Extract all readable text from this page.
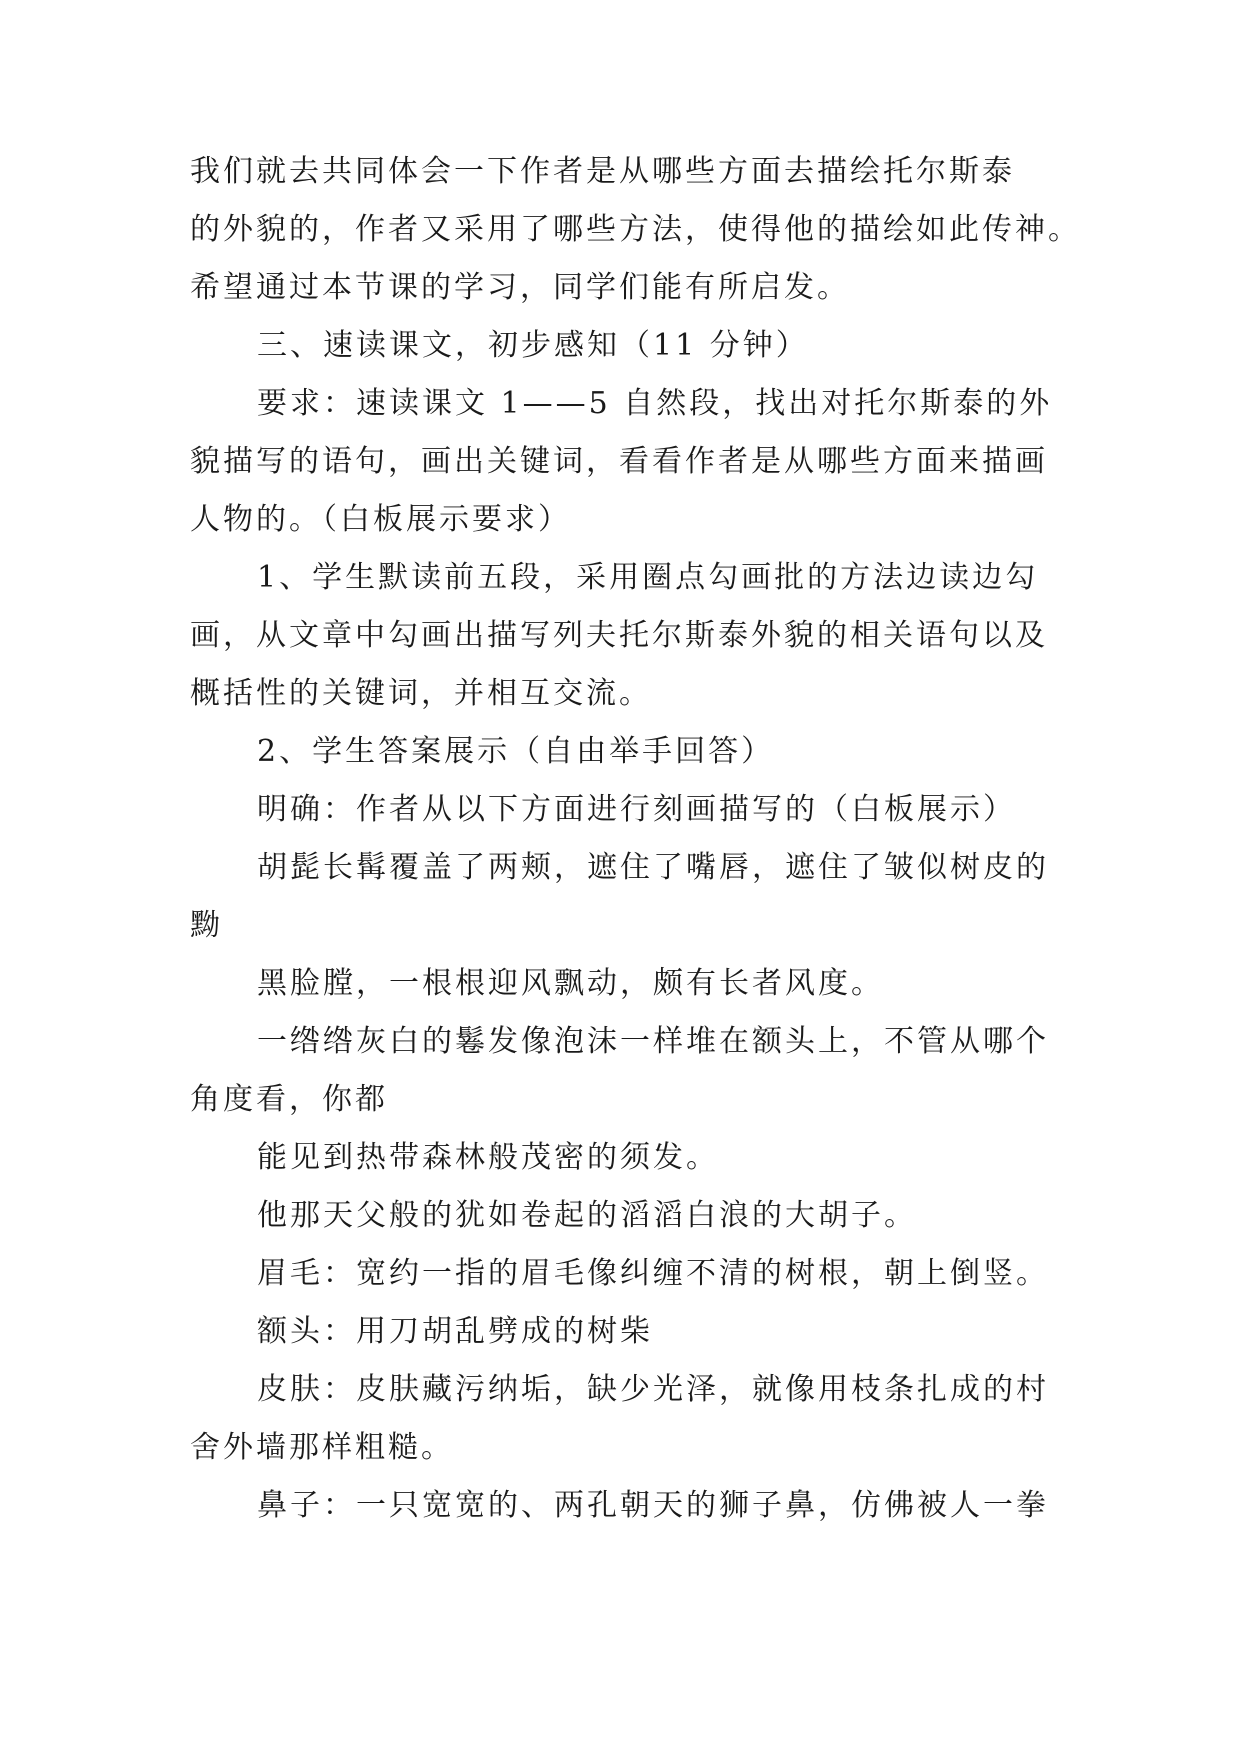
我们就去共同体会一下作者是从哪些方面去描绘托尔斯泰
的外貌的，作者又采用了哪些方法，使得他的描绘如此传神。
希望通过本节课的学习，同学们能有所启发。
三、速读课文，初步感知（11 分钟）
要求：速读课文 1——5 自然段，找出对托尔斯泰的外
貌描写的语句，画出关键词，看看作者是从哪些方面来描画
人物的。（白板展示要求）
1、学生默读前五段，采用圈点勾画批的方法边读边勾
画，从文章中勾画出描写列夫托尔斯泰外貌的相关语句以及
概括性的关键词，并相互交流。
2、学生答案展示（自由举手回答）
明确：作者从以下方面进行刻画描写的（白板展示）
胡髭长髯覆盖了两颊，遮住了嘴唇，遮住了皱似树皮的
黝
黑脸膛，一根根迎风飘动，颇有长者风度。
一绺绺灰白的鬈发像泡沫一样堆在额头上，不管从哪个
角度看，你都
能见到热带森林般茂密的须发。
他那天父般的犹如卷起的滔滔白浪的大胡子。
眉毛：宽约一指的眉毛像纠缠不清的树根，朝上倒竖。
额头：用刀胡乱劈成的树柴
皮肤：皮肤藏污纳垢，缺少光泽，就像用枝条扎成的村
舍外墙那样粗糙。
鼻子：一只宽宽的、两孔朝天的狮子鼻，仿佛被人一拳
